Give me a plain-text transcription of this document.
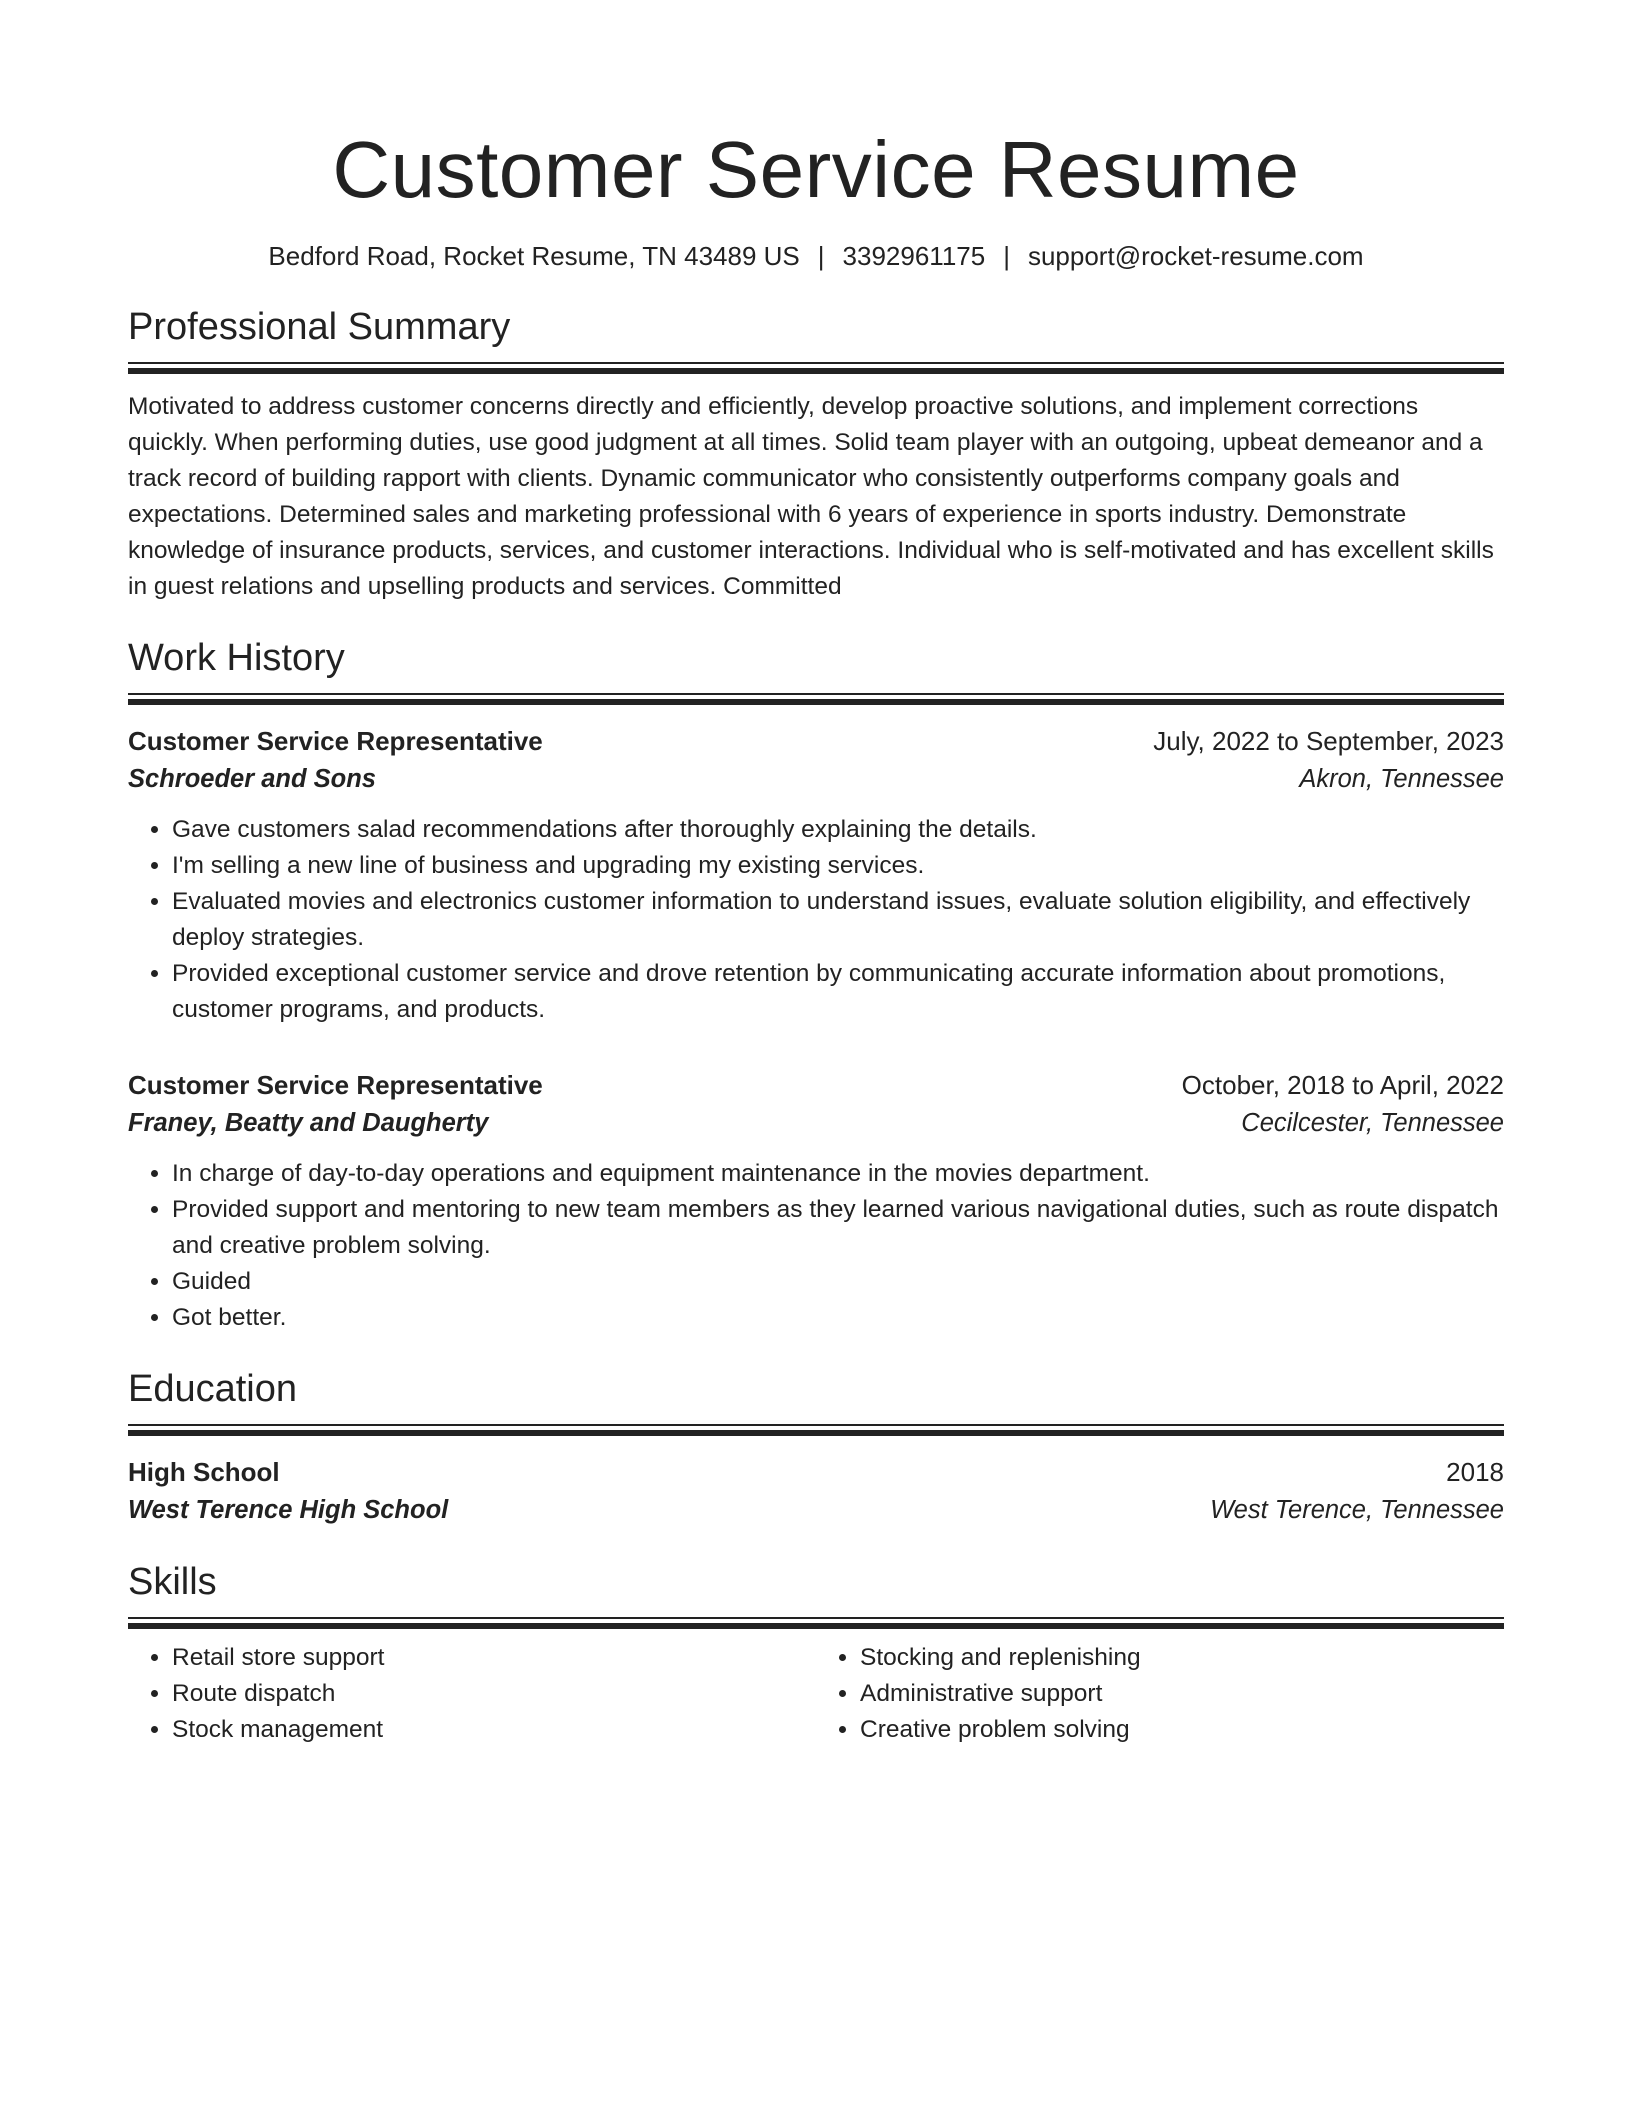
Customer Service Resume
Bedford Road, Rocket Resume, TN 43489 US | 3392961175 | support@rocket-resume.com
Professional Summary
Motivated to address customer concerns directly and efficiently, develop proactive solutions, and implement corrections quickly. When performing duties, use good judgment at all times. Solid team player with an outgoing, upbeat demeanor and a track record of building rapport with clients. Dynamic communicator who consistently outperforms company goals and expectations. Determined sales and marketing professional with 6 years of experience in sports industry. Demonstrate knowledge of insurance products, services, and customer interactions. Individual who is self-motivated and has excellent skills in guest relations and upselling products and services. Committed
Work History
Customer Service Representative	July, 2022 to September, 2023
Schroeder and Sons	Akron, Tennessee
• Gave customers salad recommendations after thoroughly explaining the details.
• I'm selling a new line of business and upgrading my existing services.
• Evaluated movies and electronics customer information to understand issues, evaluate solution eligibility, and effectively deploy strategies.
• Provided exceptional customer service and drove retention by communicating accurate information about promotions, customer programs, and products.
Customer Service Representative	October, 2018 to April, 2022
Franey, Beatty and Daugherty	Cecilcester, Tennessee
• In charge of day-to-day operations and equipment maintenance in the movies department.
• Provided support and mentoring to new team members as they learned various navigational duties, such as route dispatch and creative problem solving.
• Guided
• Got better.
Education
High School	2018
West Terence High School	West Terence, Tennessee
Skills
• Retail store support
• Route dispatch
• Stock management
• Stocking and replenishing
• Administrative support
• Creative problem solving
